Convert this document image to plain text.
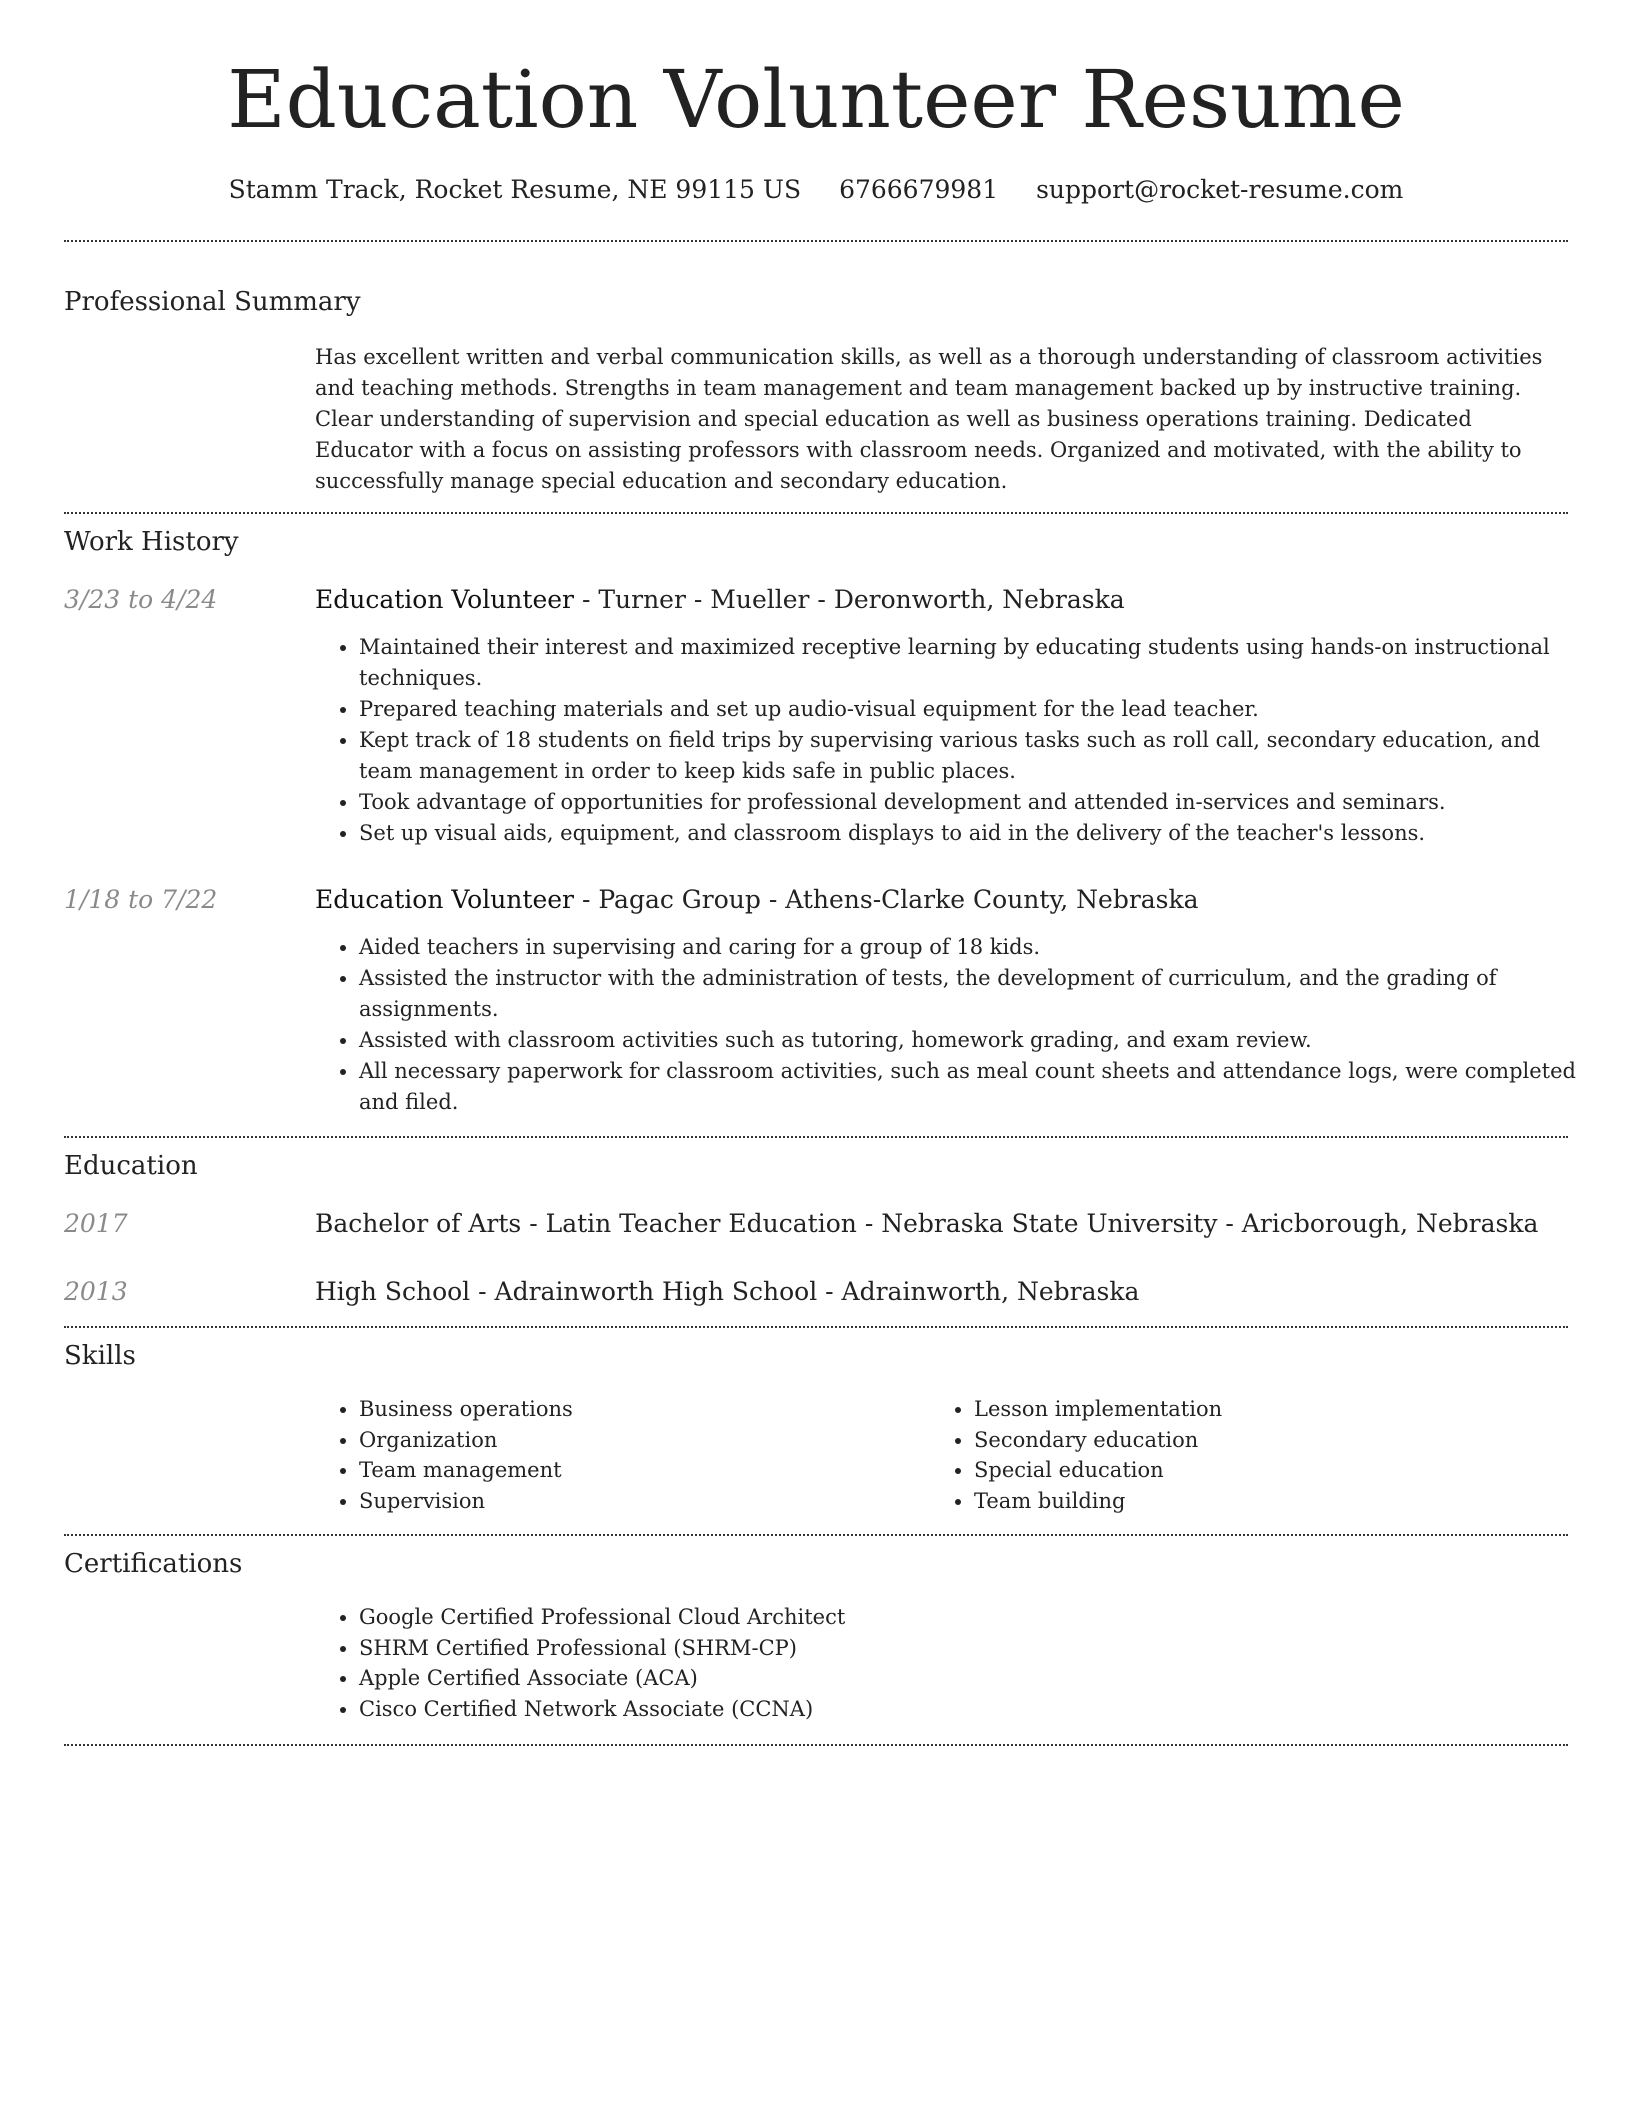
Education Volunteer Resume
Stamm Track, Rocket Resume, NE 99115 US 6766679981 support@rocket-resume.com
Professional Summary

Has excellent written and verbal communication skills, as well as a thorough understanding of classroom activities and teaching methods. Strengths in team management and team management backed up by instructive training. Clear understanding of supervision and special education as well as business operations training. Dedicated Educator with a focus on assisting professors with classroom needs. Organized and motivated, with the ability to successfully manage special education and secondary education.

Work History
3/23 to 4/24	Education Volunteer - Turner - Mueller - Deronworth, Nebraska
• Maintained their interest and maximized receptive learning by educating students using hands-on instructional techniques.
• Prepared teaching materials and set up audio-visual equipment for the lead teacher.
• Kept track of 18 students on field trips by supervising various tasks such as roll call, secondary education, and team management in order to keep kids safe in public places.
• Took advantage of opportunities for professional development and attended in-services and seminars.
• Set up visual aids, equipment, and classroom displays to aid in the delivery of the teacher's lessons.
1/18 to 7/22	Education Volunteer - Pagac Group - Athens-Clarke County, Nebraska
• Aided teachers in supervising and caring for a group of 18 kids.
• Assisted the instructor with the administration of tests, the development of curriculum, and the grading of assignments.
• Assisted with classroom activities such as tutoring, homework grading, and exam review.
• All necessary paperwork for classroom activities, such as meal count sheets and attendance logs, were completed and filed.
Education
2017	Bachelor of Arts - Latin Teacher Education - Nebraska State University - Aricborough, Nebraska
2013	High School - Adrainworth High School - Adrainworth, Nebraska
Skills
• Business operations
• Organization
• Team management
• Supervision
• Lesson implementation
• Secondary education
• Special education
• Team building
Certifications
• Google Certified Professional Cloud Architect
• SHRM Certified Professional (SHRM-CP)
• Apple Certified Associate (ACA)
• Cisco Certified Network Associate (CCNA)
